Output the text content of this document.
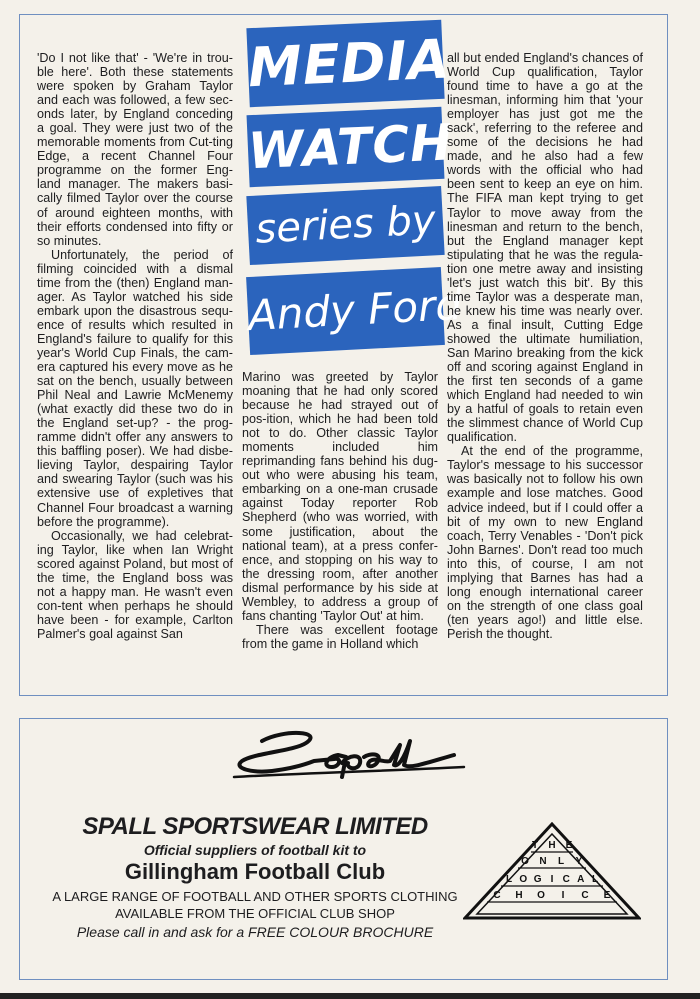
MEDIA
WATCH
series by
Andy Ford

'Do I not like that' - 'We're in trou-ble here'. Both these statements were spoken by Graham Taylor and each was followed, a few sec-onds later, by England conceding a goal. They were just two of the memorable moments from Cut-ting Edge, a recent Channel Four programme on the former Eng-land manager. The makers basi-cally filmed Taylor over the course of around eighteen months, with their efforts condensed into fifty or so minutes.

Unfortunately, the period of filming coincided with a dismal time from the (then) England man-ager. As Taylor watched his side embark upon the disastrous sequ-ence of results which resulted in England's failure to qualify for this year's World Cup Finals, the cam-era captured his every move as he sat on the bench, usually between Phil Neal and Lawrie McMenemy (what exactly did these two do in the England set-up? - the prog-ramme didn't offer any answers to this baffling poser). We had disbe-lieving Taylor, despairing Taylor and swearing Taylor (such was his extensive use of expletives that Channel Four broadcast a warning before the programme).

Occasionally, we had celebrat-ing Taylor, like when Ian Wright scored against Poland, but most of the time, the England boss was not a happy man. He wasn't even con-tent when perhaps he should have been - for example, Carlton Palmer's goal against San

Marino was greeted by Taylor moaning that he had only scored because he had strayed out of pos-ition, which he had been told not to do. Other classic Taylor moments included him reprimanding fans behind his dug-out who were abusing his team, embarking on a one-man crusade against Today reporter Rob Shepherd (who was worried, with some justification, about the national team), at a press confer-ence, and stopping on his way to the dressing room, after another dismal performance by his side at Wembley, to address a group of fans chanting 'Taylor Out' at him.

There was excellent footage from the game in Holland which

all but ended England's chances of World Cup qualification, Taylor found time to have a go at the linesman, informing him that 'your employer has just got me the sack', referring to the referee and some of the decisions he had made, and he also had a few words with the official who had been sent to keep an eye on him. The FIFA man kept trying to get Taylor to move away from the linesman and return to the bench, but the England manager kept stipulating that he was the regula-tion one metre away and insisting 'let's just watch this bit'. By this time Taylor was a desperate man, he knew his time was nearly over. As a final insult, Cutting Edge showed the ultimate humiliation, San Marino breaking from the kick off and scoring against England in the first ten seconds of a game which England had needed to win by a hatful of goals to retain even the slimmest chance of World Cup qualification.

At the end of the programme, Taylor's message to his successor was basically not to follow his own example and lose matches. Good advice indeed, but if I could offer a bit of my own to new England coach, Terry Venables - 'Don't pick John Barnes'. Don't read too much into this, of course, I am not implying that Barnes has had a long enough international career on the strength of one class goal (ten years ago!) and little else. Perish the thought.

SPALL SPORTSWEAR LIMITED
Official suppliers of football kit to
Gillingham Football Club
A LARGE RANGE OF FOOTBALL AND OTHER SPORTS CLOTHING
AVAILABLE FROM THE OFFICIAL CLUB SHOP
Please call in and ask for a FREE COLOUR BROCHURE
T H E
O N L Y
L O G I C A L
C H O I C E
